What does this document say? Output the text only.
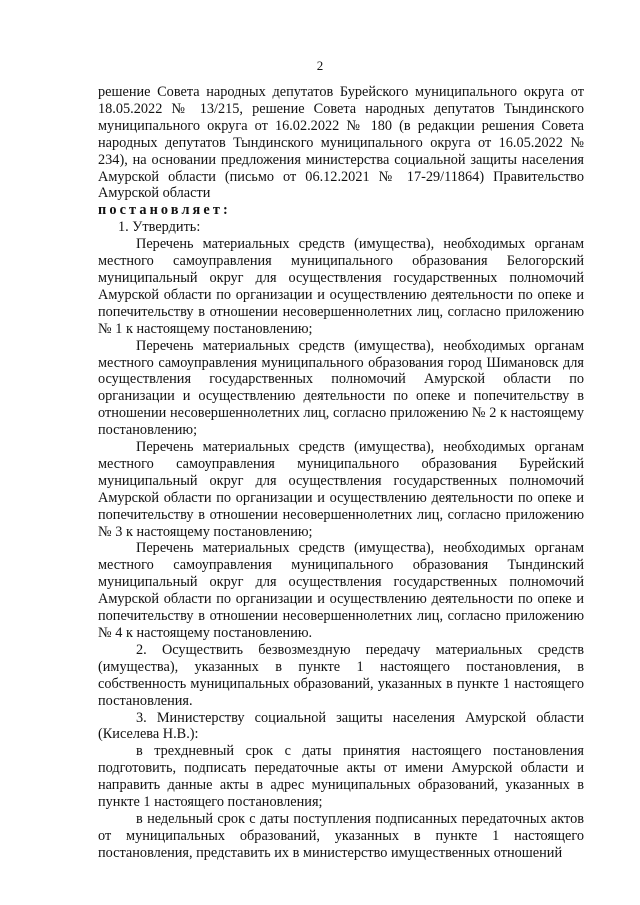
2

решение Совета народных депутатов Бурейского муниципального округа от 18.05.2022 № 13/215, решение Совета народных депутатов Тындинского муниципального округа от 16.02.2022 № 180 (в редакции решения Совета народных депутатов Тындинского муниципального округа от 16.05.2022 № 234), на основании предложения министерства социальной защиты населения Амурской области (письмо от 06.12.2021 № 17-29/11864) Правительство Амурской области

постановляет:

1. Утвердить:

Перечень материальных средств (имущества), необходимых органам местного самоуправления муниципального образования Белогорский муниципальный округ для осуществления государственных полномочий Амурской области по организации и осуществлению деятельности по опеке и попечительству в отношении несовершеннолетних лиц, согласно приложению № 1 к настоящему постановлению;

Перечень материальных средств (имущества), необходимых органам местного самоуправления муниципального образования город Шимановск для осуществления государственных полномочий Амурской области по организации и осуществлению деятельности по опеке и попечительству в отношении несовершеннолетних лиц, согласно приложению № 2 к настоящему постановлению;

Перечень материальных средств (имущества), необходимых органам местного самоуправления муниципального образования Бурейский муниципальный округ для осуществления государственных полномочий Амурской области по организации и осуществлению деятельности по опеке и попечительству в отношении несовершеннолетних лиц, согласно приложению № 3 к настоящему постановлению;

Перечень материальных средств (имущества), необходимых органам местного самоуправления муниципального образования Тындинский муниципальный округ для осуществления государственных полномочий Амурской области по организации и осуществлению деятельности по опеке и попечительству в отношении несовершеннолетних лиц, согласно приложению № 4 к настоящему постановлению.

2. Осуществить безвозмездную передачу материальных средств (имущества), указанных в пункте 1 настоящего постановления, в собственность муниципальных образований, указанных в пункте 1 настоящего постановления.

3. Министерству социальной защиты населения Амурской области (Киселева Н.В.):

в трехдневный срок с даты принятия настоящего постановления подготовить, подписать передаточные акты от имени Амурской области и направить данные акты в адрес муниципальных образований, указанных в пункте 1 настоящего постановления;

в недельный срок с даты поступления подписанных передаточных актов от муниципальных образований, указанных в пункте 1 настоящего постановления, представить их в министерство имущественных отношений
